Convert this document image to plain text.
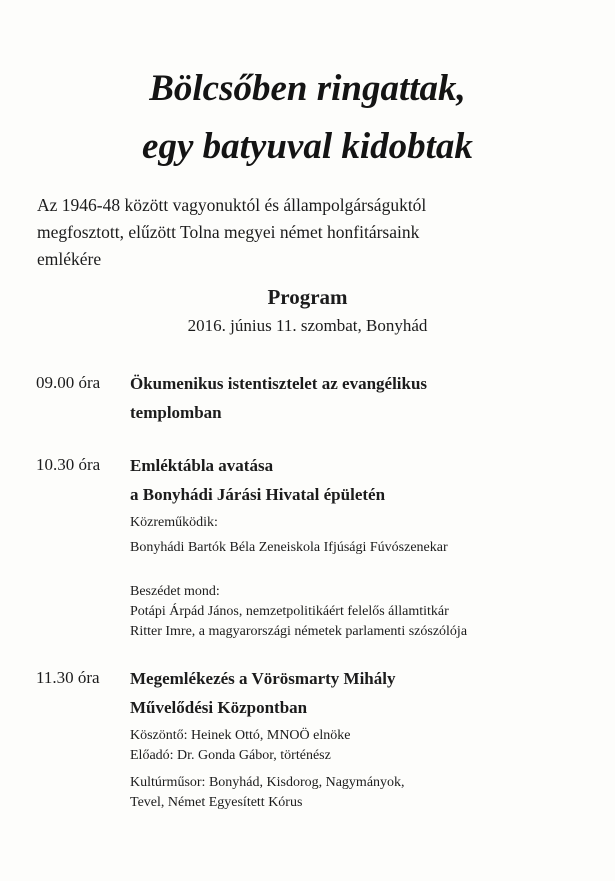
Bölcsőben ringattak,
egy batyuval kidobtak
Az 1946-48 között vagyonuktól és állampolgárságuktól
megfosztott, elűzött Tolna megyei német honfitársaink
emlékére
Program
2016. június 11. szombat, Bonyhád
09.00 óra	Ökumenikus istentisztelet az evangélikus
templomban
10.30 óra	Emléktábla avatása
a Bonyhádi Járási Hivatal épületén
Közreműködik:
Bonyhádi Bartók Béla Zeneiskola Ifjúsági Fúvószenekar
Beszédet mond:
Potápi Árpád János, nemzetpolitikáért felelős államtitkár
Ritter Imre, a magyarországi németek parlamenti szószólója
11.30 óra	Megemlékezés a Vörösmarty Mihály
Művelődési Központban
Köszöntő: Heinek Ottó, MNOÖ elnöke
Előadó: Dr. Gonda Gábor, történész
Kultúrműsor: Bonyhád, Kisdorog, Nagymányok,
Tevel, Német Egyesített Kórus
